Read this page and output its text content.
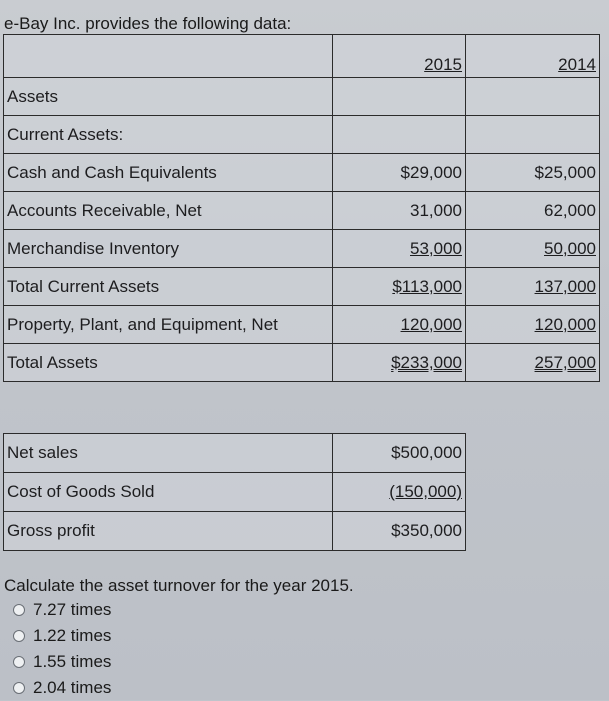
e-Bay Inc. provides the following data:
	2015	2014
Assets		
Current Assets:		
Cash and Cash Equivalents	$29,000	$25,000
Accounts Receivable, Net	31,000	62,000
Merchandise Inventory	53,000	50,000
Total Current Assets	$113,000	137,000
Property, Plant, and Equipment, Net	120,000	120,000
Total Assets	$233,000	257,000
Net sales	$500,000
Cost of Goods Sold	(150,000)
Gross profit	$350,000
Calculate the asset turnover for the year 2015.
7.27 times
1.22 times
1.55 times
2.04 times
